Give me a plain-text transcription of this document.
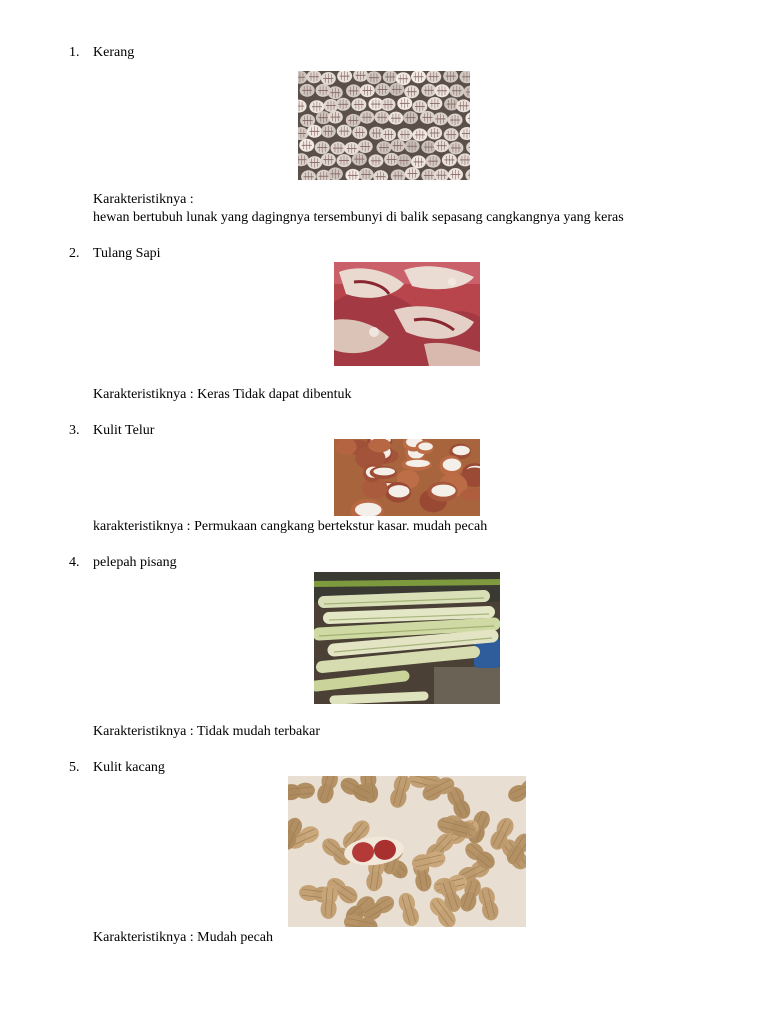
1. Kerang
Karakteristiknya :
hewan bertubuh lunak yang dagingnya tersembunyi di balik sepasang cangkangnya yang keras
2. Tulang Sapi
Karakteristiknya : Keras Tidak dapat dibentuk
3. Kulit Telur
karakteristiknya : Permukaan cangkang bertekstur kasar. mudah pecah
4. pelepah pisang
Karakteristiknya : Tidak mudah terbakar
5. Kulit kacang
Karakteristiknya : Mudah pecah
